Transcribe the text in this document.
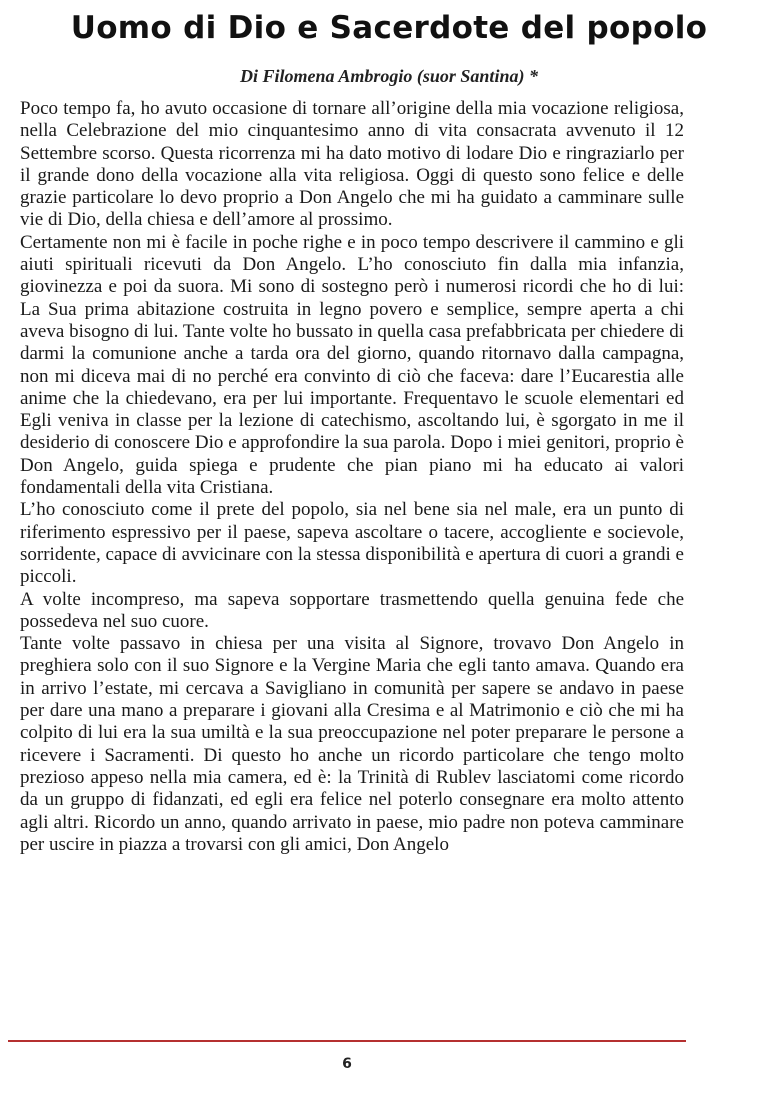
Uomo di Dio e Sacerdote del popolo
Di Filomena Ambrogio (suor Santina) *

Poco tempo fa, ho avuto occasione di tornare all’origine della mia vocazione religiosa, nella Celebrazione del mio cinquantesimo anno di vita consacrata avvenuto il 12 Settembre scorso. Questa ricorrenza mi ha dato motivo di lodare Dio e ringraziarlo per il grande dono della vocazione alla vita religiosa. Oggi di questo sono felice e delle grazie particolare lo devo proprio a Don Angelo che mi ha guidato a camminare sulle vie di Dio, della chiesa e dell’amore al prossimo.

Certamente non mi è facile in poche righe e in poco tempo descrivere il cammino e gli aiuti spirituali ricevuti da Don Angelo. L’ho conosciuto fin dalla mia infanzia, giovinezza e poi da suora. Mi sono di sostegno però i numerosi ricordi che ho di lui: La Sua prima abitazione costruita in legno povero e semplice, sempre aperta a chi aveva bisogno di lui. Tante volte ho bussato in quella casa prefabbricata per chiedere di darmi la comunione anche a tarda ora del giorno, quando ritornavo dalla campagna, non mi diceva mai di no perché era convinto di ciò che faceva: dare l’Eucarestia alle anime che la chiedevano, era per lui importante. Frequentavo le scuole elementari ed Egli veniva in classe per la lezione di catechismo, ascoltando lui, è sgorgato in me il desiderio di conoscere Dio e approfondire la sua parola. Dopo i miei genitori, proprio è Don Angelo, guida spiega e prudente che pian piano mi ha educato ai valori fondamentali della vita Cristiana.

L’ho conosciuto come il prete del popolo, sia nel bene sia nel male, era un punto di riferimento espressivo per il paese, sapeva ascoltare o tacere, accogliente e socievole, sorridente, capace di avvicinare con la stessa disponibilità e apertura di cuori a grandi e piccoli.

A volte incompreso, ma sapeva sopportare trasmettendo quella genuina fede che possedeva nel suo cuore.

Tante volte passavo in chiesa per una visita al Signore, trovavo Don Angelo in preghiera solo con il suo Signore e la Vergine Maria che egli tanto amava. Quando era in arrivo l’estate, mi cercava a Savigliano in comunità per sapere se andavo in paese per dare una mano a preparare i giovani alla Cresima e al Matrimonio e ciò che mi ha colpito di lui era la sua umiltà e la sua preoccupazione nel poter preparare le persone a ricevere i Sacramenti. Di questo ho anche un ricordo particolare che tengo molto prezioso appeso nella mia camera, ed è: la Trinità di Rublev lasciatomi come ricordo da un gruppo di fidanzati, ed egli era felice nel poterlo consegnare era molto attento agli altri. Ricordo un anno, quando arrivato in paese, mio padre non poteva camminare per uscire in piazza a trovarsi con gli amici, Don Angelo

6
